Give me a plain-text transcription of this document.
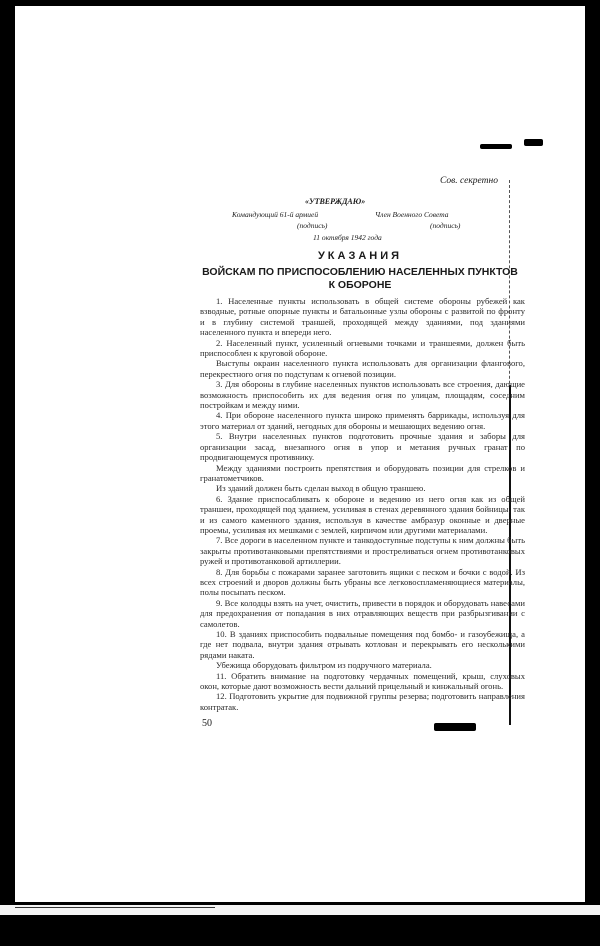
Сов. секретно
«УТВЕРЖДАЮ»
Командующий 61-й армией
(подпись)
Член Военного Совета
(подпись)
11 октября 1942 года
УКАЗАНИЯ
ВОЙСКАМ ПО ПРИСПОСОБЛЕНИЮ НАСЕЛЕННЫХ ПУНКТОВ
К ОБОРОНЕ

1. Населенные пункты использовать в общей системе обороны рубежей как взводные, ротные опорные пункты и батальонные узлы обороны с развитой по фронту и в глубину системой траншей, проходящей между зданиями, под зданиями населенного пункта и впереди него.

2. Населенный пункт, усиленный огневыми точками и траншеями, должен быть приспособлен к круговой обороне.

Выступы окраин населенного пункта использовать для организации флангового, перекрестного огня по подступам к огневой позиции.

3. Для обороны в глубине населенных пунктов использовать все строения, дающие возможность приспособить их для ведения огня по улицам, площадям, соседним постройкам и между ними.

4. При обороне населенного пункта широко применять баррикады, используя для этого материал от зданий, негодных для обороны и мешающих ведению огня.

5. Внутри населенных пунктов подготовить прочные здания и заборы для организации засад, внезапного огня в упор и метания ручных гранат по продвигающемуся противнику.

Между зданиями построить препятствия и оборудовать позиции для стрелков и гранатометчиков.

Из зданий должен быть сделан выход в общую траншею.

6. Здание приспосабливать к обороне и ведению из него огня как из общей траншеи, проходящей под зданием, усиливая в стенах деревянного здания бойницы, так и из самого каменного здания, используя в качестве амбразур оконные и дверные проемы, усиливая их мешками с землей, кирпичом или другими материалами.

7. Все дороги в населенном пункте и танкодоступные подступы к ним должны быть закрыты противотанковыми препятствиями и простреливаться огнем противотанковых ружей и противотанковой артиллерии.

8. Для борьбы с пожарами заранее заготовить ящики с песком и бочки с водой. Из всех строений и дворов должны быть убраны все легковоспламеняющиеся материалы, полы посыпать песком.

9. Все колодцы взять на учет, очистить, привести в порядок и оборудовать навесами для предохранения от попадания в них отравляющих веществ при разбрызгивании с самолетов.

10. В зданиях приспособить подвальные помещения под бомбо- и газоубежища, а где нет подвала, внутри здания отрывать котлован и перекрывать его несколькими рядами наката.

Убежища оборудовать фильтром из подручного материала.

11. Обратить внимание на подготовку чердачных помещений, крыш, слуховых окон, которые дают возможность вести дальний прицельный и кинжальный огонь.

12. Подготовить укрытие для подвижной группы резерва; подготовить направления контратак.

50
